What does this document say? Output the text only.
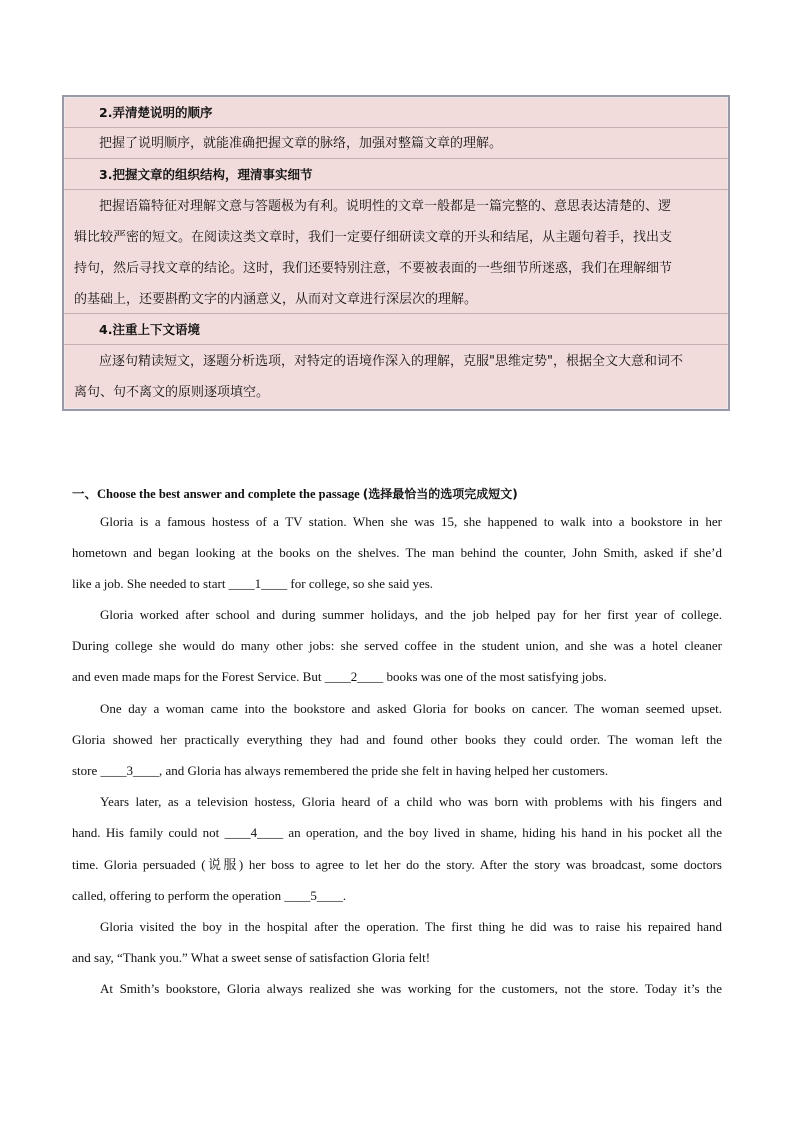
2.弄清楚说明的顺序
把握了说明顺序，就能准确把握文章的脉络，加强对整篇文章的理解。
3.把握文章的组织结构，理清事实细节
把握语篇特征对理解文意与答题极为有利。说明性的文章一般都是一篇完整的、意思表达清楚的、逻
辑比较严密的短文。在阅读这类文章时，我们一定要仔细研读文章的开头和结尾，从主题句着手，找出支
持句，然后寻找文章的结论。这时，我们还要特别注意，不要被表面的一些细节所迷惑，我们在理解细节
的基础上，还要斟酌文字的内涵意义，从而对文章进行深层次的理解。
4.注重上下文语境
应逐句精读短文，逐题分析选项，对特定的语境作深入的理解，克服"思维定势"，根据全文大意和词不
离句、句不离文的原则逐项填空。
一、Choose the best answer and complete the passage (选择最恰当的选项完成短文)
Gloria is a famous hostess of a TV station. When she was 15, she happened to walk into a bookstore in her
hometown and began looking at the books on the shelves. The man behind the counter, John Smith, asked if she’d
like a job. She needed to start ____1____ for college, so she said yes.
Gloria worked after school and during summer holidays, and the job helped pay for her first year of college.
During college she would do many other jobs: she served coffee in the student union, and she was a hotel cleaner
and even made maps for the Forest Service. But ____2____ books was one of the most satisfying jobs.
One day a woman came into the bookstore and asked Gloria for books on cancer. The woman seemed upset.
Gloria showed her practically everything they had and found other books they could order. The woman left the
store ____3____, and Gloria has always remembered the pride she felt in having helped her customers.
Years later, as a television hostess, Gloria heard of a child who was born with problems with his fingers and
hand. His family could not ____4____ an operation, and the boy lived in shame, hiding his hand in his pocket all the
time. Gloria persuaded (说服) her boss to agree to let her do the story. After the story was broadcast, some doctors
called, offering to perform the operation ____5____.
Gloria visited the boy in the hospital after the operation. The first thing he did was to raise his repaired hand
and say, “Thank you.” What a sweet sense of satisfaction Gloria felt!
At Smith’s bookstore, Gloria always realized she was working for the customers, not the store. Today it’s the
